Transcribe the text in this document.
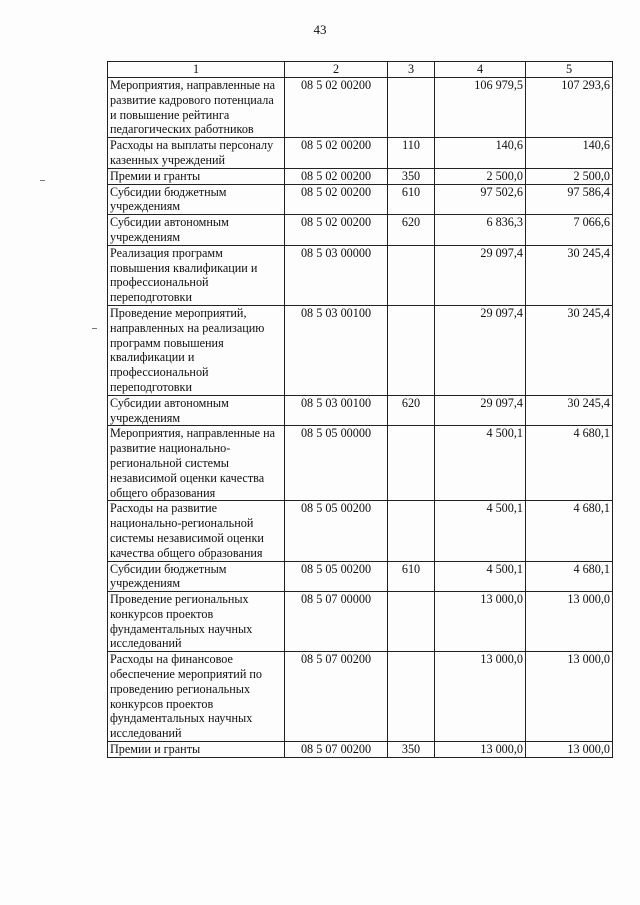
43
1	2	3	4	5
Мероприятия, направленные на развитие кадрового потенциала и повышение рейтинга педагогических работников	08 5 02 00200		106 979,5	107 293,6
Расходы на выплаты персоналу казенных учреждений	08 5 02 00200	110	140,6	140,6
Премии и гранты	08 5 02 00200	350	2 500,0	2 500,0
Субсидии бюджетным учреждениям	08 5 02 00200	610	97 502,6	97 586,4
Субсидии автономным учреждениям	08 5 02 00200	620	6 836,3	7 066,6
Реализация программ повышения квалификации и профессиональной переподготовки	08 5 03 00000		29 097,4	30 245,4
Проведение мероприятий, направленных на реализацию программ повышения квалификации и профессиональной переподготовки	08 5 03 00100		29 097,4	30 245,4
Субсидии автономным учреждениям	08 5 03 00100	620	29 097,4	30 245,4
Мероприятия, направленные на развитие национально-региональной системы независимой оценки качества общего образования	08 5 05 00000		4 500,1	4 680,1
Расходы на развитие национально-региональной системы независимой оценки качества общего образования	08 5 05 00200		4 500,1	4 680,1
Субсидии бюджетным учреждениям	08 5 05 00200	610	4 500,1	4 680,1
Проведение региональных конкурсов проектов фундаментальных научных исследований	08 5 07 00000		13 000,0	13 000,0
Расходы на финансовое обеспечение мероприятий по проведению региональных конкурсов проектов фундаментальных научных исследований	08 5 07 00200		13 000,0	13 000,0
Премии и гранты	08 5 07 00200	350	13 000,0	13 000,0
